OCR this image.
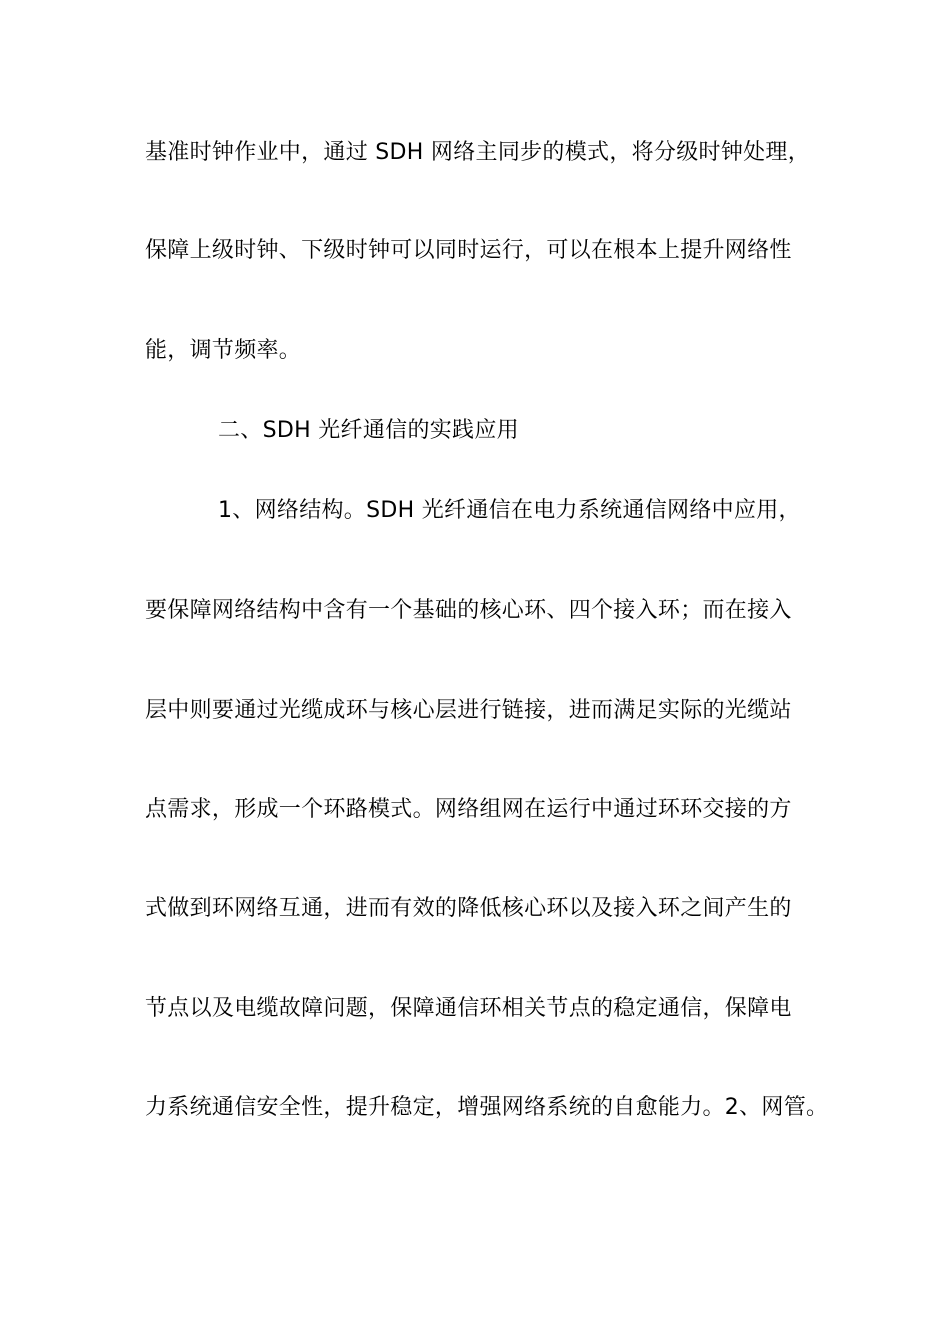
基准时钟作业中，通过 SDH 网络主同步的模式，将分级时钟处理，
保障上级时钟、下级时钟可以同时运行，可以在根本上提升网络性
能，调节频率。
二、SDH 光纤通信的实践应用
1、网络结构。SDH 光纤通信在电力系统通信网络中应用，
要保障网络结构中含有一个基础的核心环、四个接入环；而在接入
层中则要通过光缆成环与核心层进行链接，进而满足实际的光缆站
点需求，形成一个环路模式。网络组网在运行中通过环环交接的方
式做到环网络互通，进而有效的降低核心环以及接入环之间产生的
节点以及电缆故障问题，保障通信环相关节点的稳定通信，保障电
力系统通信安全性，提升稳定，增强网络系统的自愈能力。2、网管。
